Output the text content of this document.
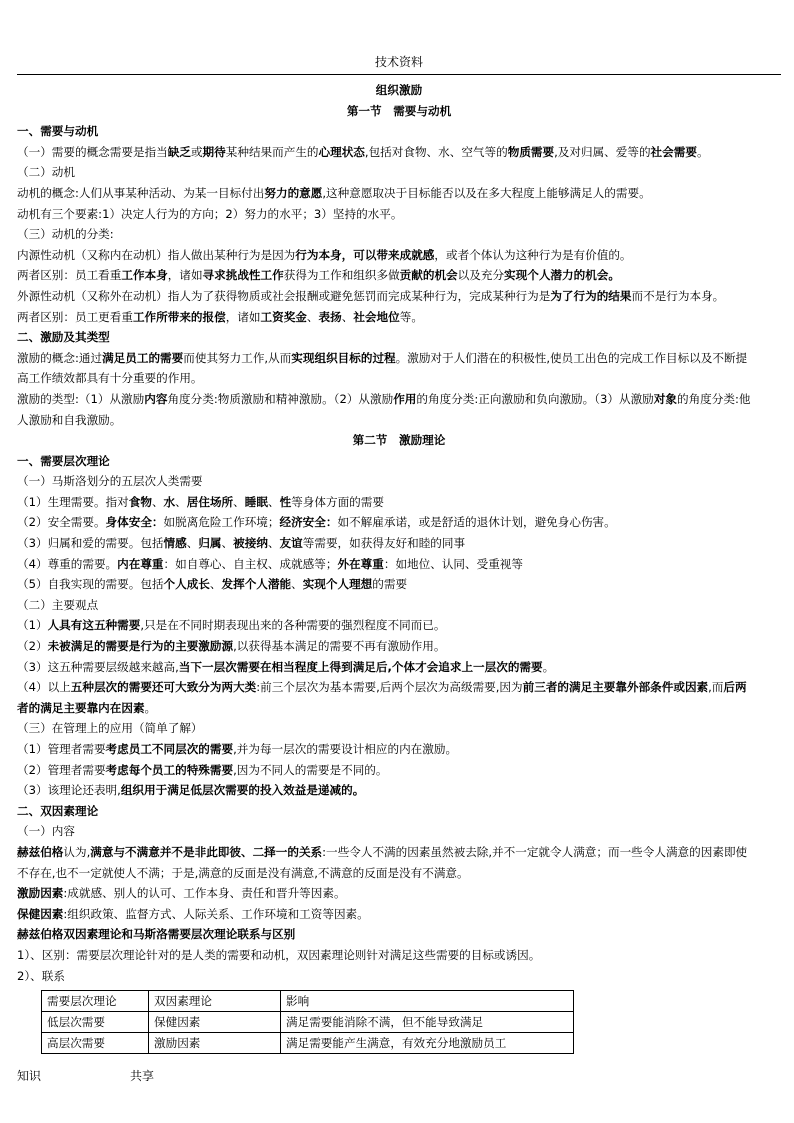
技术资料

组织激励

第一节　需要与动机

一、需要与动机

（一）需要的概念需要是指当缺乏或期待某种结果而产生的心理状态,包括对食物、水、空气等的物质需要,及对归属、爱等的社会需要。

（二）动机

动机的概念:人们从事某种活动、为某一目标付出努力的意愿,这种意愿取决于目标能否以及在多大程度上能够满足人的需要。

动机有三个要素:1）决定人行为的方向；2）努力的水平；3）坚持的水平。

（三）动机的分类:

内源性动机（又称内在动机）指人做出某种行为是因为行为本身，可以带来成就感，或者个体认为这种行为是有价值的。

两者区别：员工看重工作本身，诸如寻求挑战性工作获得为工作和组织多做贡献的机会以及充分实现个人潜力的机会。

外源性动机（又称外在动机）指人为了获得物质或社会报酬或避免惩罚而完成某种行为，完成某种行为是为了行为的结果而不是行为本身。

两者区别：员工更看重工作所带来的报偿，诸如工资奖金、表扬、社会地位等。

二、激励及其类型

激励的概念:通过满足员工的需要而使其努力工作,从而实现组织目标的过程。激励对于人们潜在的积极性,使员工出色的完成工作目标以及不断提

高工作绩效都具有十分重要的作用。

激励的类型:（1）从激励内容角度分类:物质激励和精神激励。（2）从激励作用的角度分类:正向激励和负向激励。（3）从激励对象的角度分类:他

人激励和自我激励。

第二节　激励理论

一、需要层次理论

（一）马斯洛划分的五层次人类需要

（1）生理需要。指对食物、水、居住场所、睡眠、性等身体方面的需要

（2）安全需要。身体安全：如脱离危险工作环境；经济安全：如不解雇承诺，或是舒适的退休计划，避免身心伤害。

（3）归属和爱的需要。包括情感、归属、被接纳、友谊等需要，如获得友好和睦的同事

（4）尊重的需要。内在尊重：如自尊心、自主权、成就感等；外在尊重：如地位、认同、受重视等

（5）自我实现的需要。包括个人成长、发挥个人潜能、实现个人理想的需要

（二）主要观点

（1）人具有这五种需要,只是在不同时期表现出来的各种需要的强烈程度不同而已。

（2）未被满足的需要是行为的主要激励源,以获得基本满足的需要不再有激励作用。

（3）这五种需要层级越来越高,当下一层次需要在相当程度上得到满足后,个体才会追求上一层次的需要。

（4）以上五种层次的需要还可大致分为两大类:前三个层次为基本需要,后两个层次为高级需要,因为前三者的满足主要靠外部条件或因素,而后两

者的满足主要靠内在因素。

（三）在管理上的应用（简单了解）

（1）管理者需要考虑员工不同层次的需要,并为每一层次的需要设计相应的内在激励。

（2）管理者需要考虑每个员工的特殊需要,因为不同人的需要是不同的。

（3）该理论还表明,组织用于满足低层次需要的投入效益是递减的。

二、双因素理论

（一）内容

赫兹伯格认为,满意与不满意并不是非此即彼、二择一的关系:一些令人不满的因素虽然被去除,并不一定就令人满意；而一些令人满意的因素即使

不存在,也不一定就使人不满；于是,满意的反面是没有满意,不满意的反面是没有不满意。

激励因素:成就感、别人的认可、工作本身、责任和晋升等因素。

保健因素:组织政策、监督方式、人际关系、工作环境和工资等因素。

赫兹伯格双因素理论和马斯洛需要层次理论联系与区别

1）、区别：需要层次理论针对的是人类的需要和动机，双因素理论则针对满足这些需要的目标或诱因。

2）、联系

需要层次理论	双因素理论	影响
低层次需要	保健因素	满足需要能消除不满，但不能导致满足
高层次需要	激励因素	满足需要能产生满意，有效充分地激励员工
知识	共享
